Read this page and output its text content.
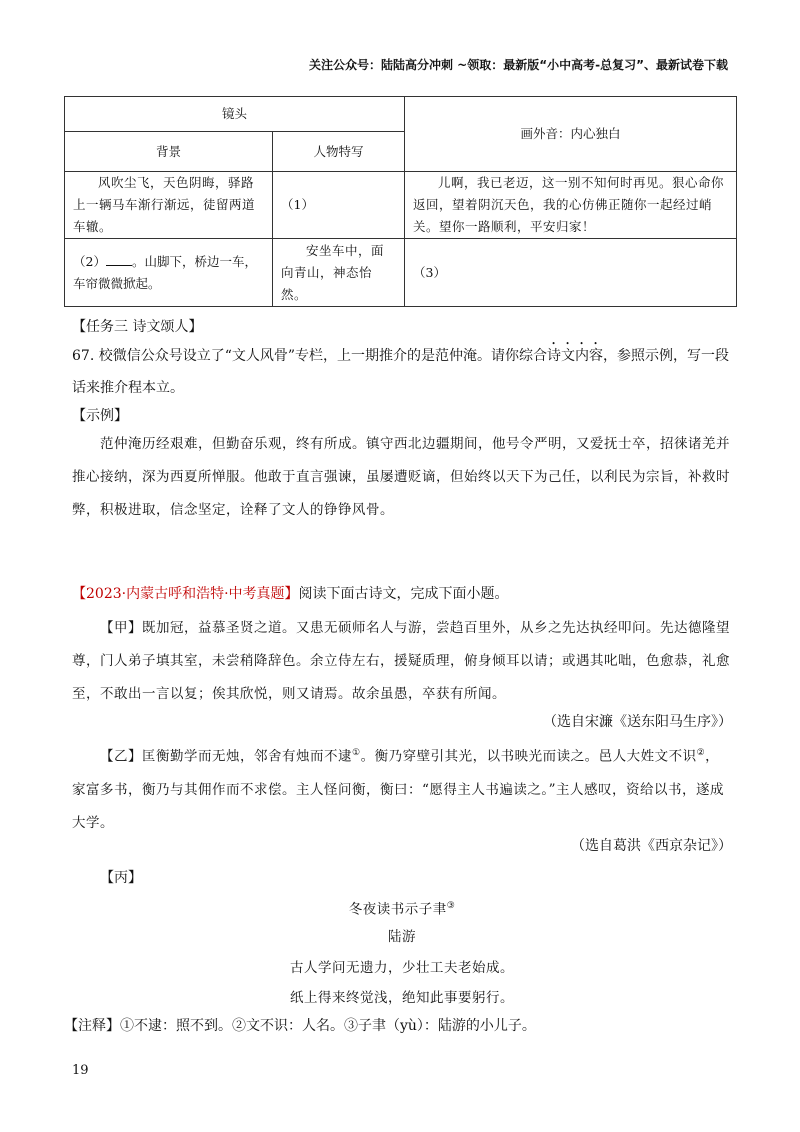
关注公众号：陆陆高分冲刺 ~领取：最新版“小中高考-总复习”、最新试卷下载
镜头		画外音：内心独白
背景	人物特写	
风吹尘飞，天色阴晦，驿路上一辆马车渐行渐远，徒留两道车辙。	（1）	儿啊，我已老迈，这一别不知何时再见。狠心命你返回，望着阴沉天色，我的心仿佛正随你一起经过峭关。望你一路顺利，平安归家！
（2） 。山脚下，桥边一车，车帘微微掀起。	安坐车中，面向青山，神态怡然。	（3）
【任务三 诗文颂人】
67. 校微信公众号设立了“文人风骨”专栏，上一期推介的是范仲淹。请你综合诗文内容，参照示例，写一段话来推介程本立。
【示例】
范仲淹历经艰难，但勤奋乐观，终有所成。镇守西北边疆期间，他号令严明，又爱抚士卒，招徕诸羌并推心接纳，深为西夏所惮服。他敢于直言强谏，虽屡遭贬谪，但始终以天下为己任，以利民为宗旨，补救时弊，积极进取，信念坚定，诠释了文人的铮铮风骨。
【2023·内蒙古呼和浩特·中考真题】阅读下面古诗文，完成下面小题。
【甲】既加冠，益慕圣贤之道。又患无硕师名人与游，尝趋百里外，从乡之先达执经叩问。先达德隆望尊，门人弟子填其室，未尝稍降辞色。余立侍左右，援疑质理，俯身倾耳以请；或遇其叱咄，色愈恭，礼愈至，不敢出一言以复；俟其欣悦，则又请焉。故余虽愚，卒获有所闻。
（选自宋濂《送东阳马生序》）
【乙】匡衡勤学而无烛，邻舍有烛而不逮①。衡乃穿壁引其光，以书映光而读之。邑人大姓文不识②，家富多书，衡乃与其佣作而不求偿。主人怪问衡，衡曰：“愿得主人书遍读之。”主人感叹，资给以书，遂成大学。
（选自葛洪《西京杂记》）
【丙】
冬夜读书示子聿③
陆游
古人学问无遗力，少壮工夫老始成。
纸上得来终觉浅，绝知此事要躬行。
【注释】①不逮：照不到。②文不识：人名。③子聿（yù）：陆游的小儿子。
19
